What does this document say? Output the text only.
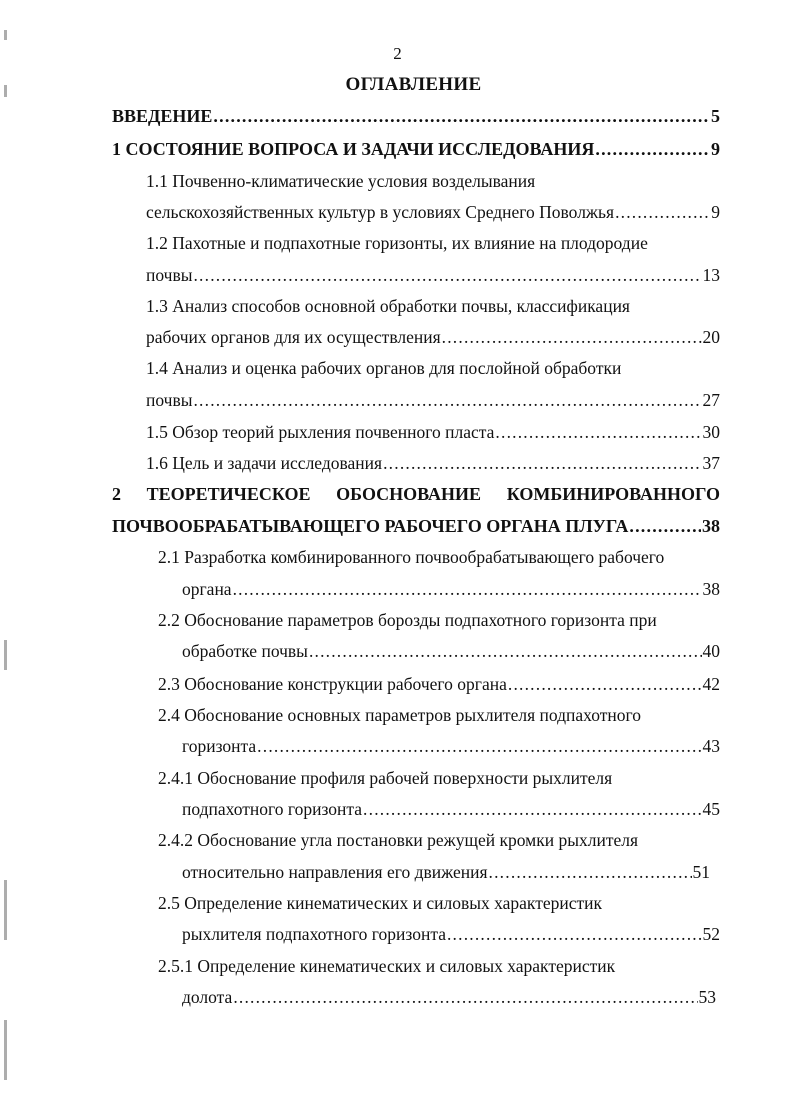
2
ОГЛАВЛЕНИЕ
ВВЕДЕНИЕ .....	5
1 СОСТОЯНИЕ ВОПРОСА И ЗАДАЧИ ИССЛЕДОВАНИЯ .....	9
1.1 Почвенно-климатические условия возделывания
сельскохозяйственных культур в условиях Среднего Поволжья .....	9
1.2 Пахотные и подпахотные горизонты, их влияние на плодородие
почвы .....	13
1.3 Анализ способов основной обработки почвы, классификация
рабочих органов для их осуществления .....	20
1.4 Анализ и оценка рабочих органов для послойной обработки
почвы .....	27
1.5 Обзор теорий рыхления почвенного пласта .....	30
1.6 Цель и задачи исследования .....	37
2 ТЕОРЕТИЧЕСКОЕ ОБОСНОВАНИЕ КОМБИНИРОВАННОГО
ПОЧВООБРАБАТЫВАЮЩЕГО РАБОЧЕГО ОРГАНА ПЛУГА .....	38
2.1 Разработка комбинированного почвообрабатывающего рабочего
органа .....	38
2.2 Обоснование параметров борозды подпахотного горизонта при
обработке почвы .....	40
2.3 Обоснование конструкции рабочего органа .....	42
2.4 Обоснование основных параметров рыхлителя подпахотного
горизонта .....	43
2.4.1 Обоснование профиля рабочей поверхности рыхлителя
подпахотного горизонта .....	45
2.4.2 Обоснование угла постановки режущей кромки рыхлителя
относительно направления его движения .....	51
2.5 Определение кинематических и силовых характеристик
рыхлителя подпахотного горизонта .....	52
2.5.1 Определение кинематических и силовых характеристик
долота .....	53
